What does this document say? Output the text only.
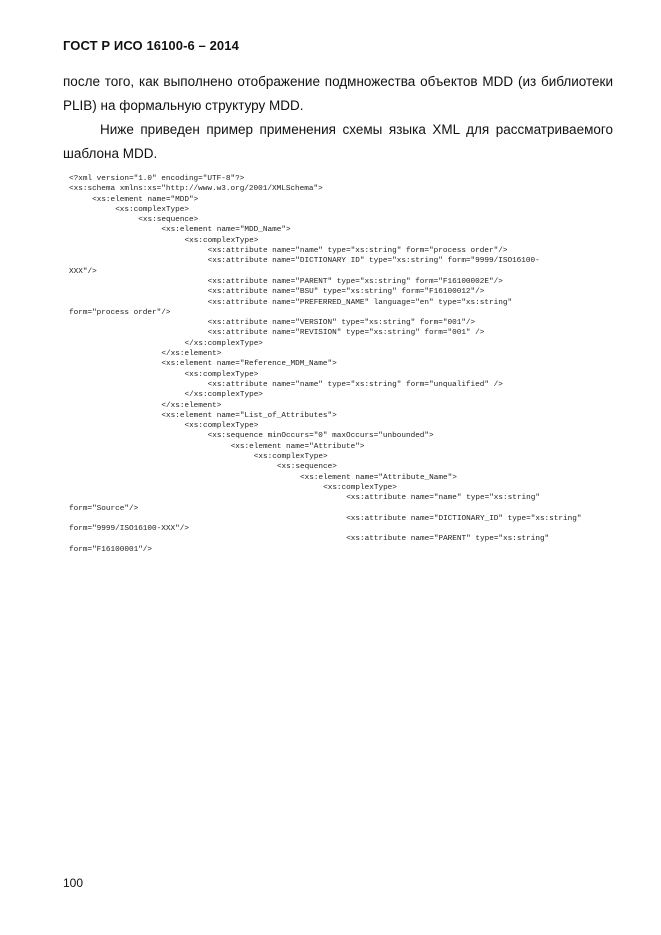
ГОСТ Р ИСО 16100-6 – 2014
после того, как выполнено отображение подмножества объектов MDD (из библиотеки PLIB) на формальную структуру MDD.
Ниже приведен пример применения схемы языка XML для рассматриваемого шаблона MDD.
<?xml version="1.0" encoding="UTF-8"?>
<xs:schema xmlns:xs="http://www.w3.org/2001/XMLSchema">
<xs:element name="MDD">
<xs:complexType>
<xs:sequence>
<xs:element name="MDD_Name">
<xs:complexType>
<xs:attribute name="name" type="xs:string" form="process order"/>
<xs:attribute name="DICTIONARY ID" type="xs:string" form="9999/ISO16100-
XXX"/>
<xs:attribute name="PARENT" type="xs:string" form="F16100002E"/>
<xs:attribute name="BSU" type="xs:string" form="F16100012"/>
<xs:attribute name="PREFERRED_NAME" language="en" type="xs:string"
form="process order"/>
<xs:attribute name="VERSION" type="xs:string" form="001"/>
<xs:attribute name="REVISION" type="xs:string" form="001" />
</xs:complexType>
</xs:element>
<xs:element name="Reference_MDM_Name">
<xs:complexType>
<xs:attribute name="name" type="xs:string" form="unqualified" />
</xs:complexType>
</xs:element>
<xs:element name="List_of_Attributes">
<xs:complexType>
<xs:sequence minOccurs="0" maxOccurs="unbounded">
<xs:element name="Attribute">
<xs:complexType>
<xs:sequence>
<xs:element name="Attribute_Name">
<xs:complexType>
<xs:attribute name="name" type="xs:string"
form="Source"/>
<xs:attribute name="DICTIONARY_ID" type="xs:string"
form="9999/ISO16100-XXX"/>
<xs:attribute name="PARENT" type="xs:string"
form="F16100001"/>
100
